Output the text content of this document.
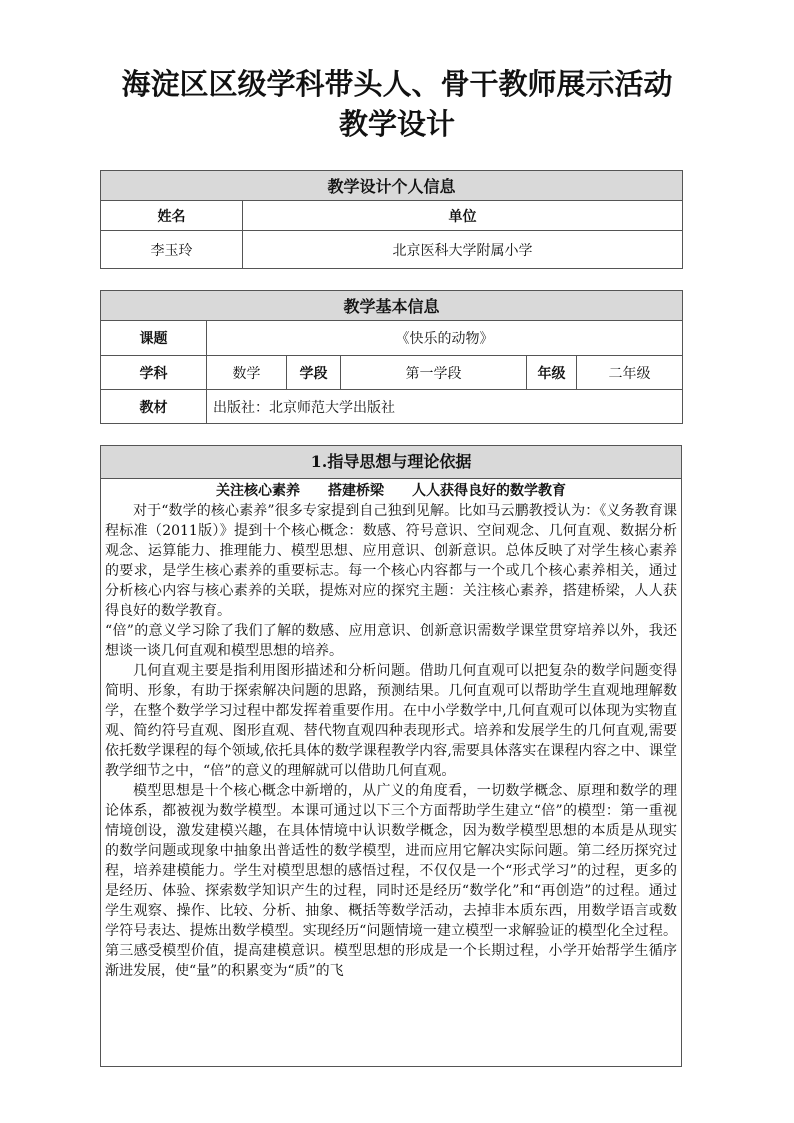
海淀区区级学科带头人、骨干教师展示活动
教学设计
教学设计个人信息	
姓名	单位
李玉玲	北京医科大学附属小学
教学基本信息					
课题	《快乐的动物》				
学科	数学	学段	第一学段	年级	二年级
教材	出版社：北京师范大学出版社				
1.指导思想与理论依据
关注核心素养　　搭建桥梁　　人人获得良好的数学教育

对于“数学的核心素养”很多专家提到自己独到见解。比如马云鹏教授认为：《义务教育课程标准（2011版）》提到十个核心概念：数感、符号意识、空间观念、几何直观、数据分析观念、运算能力、推理能力、模型思想、应用意识、创新意识。总体反映了对学生核心素养的要求，是学生核心素养的重要标志。每一个核心内容都与一个或几个核心素养相关，通过分析核心内容与核心素养的关联，提炼对应的探究主题：关注核心素养，搭建桥梁，人人获得良好的数学教育。

“倍”的意义学习除了我们了解的数感、应用意识、创新意识需数学课堂贯穿培养以外，我还想谈一谈几何直观和模型思想的培养。

几何直观主要是指利用图形描述和分析问题。借助几何直观可以把复杂的数学问题变得简明、形象，有助于探索解决问题的思路，预测结果。几何直观可以帮助学生直观地理解数学，在整个数学学习过程中都发挥着重要作用。在中小学数学中,几何直观可以体现为实物直观、简约符号直观、图形直观、替代物直观四种表现形式。培养和发展学生的几何直观,需要依托数学课程的每个领域,依托具体的数学课程教学内容,需要具体落实在课程内容之中、课堂教学细节之中，“倍”的意义的理解就可以借助几何直观。

模型思想是十个核心概念中新增的，从广义的角度看，一切数学概念、原理和数学的理论体系，都被视为数学模型。本课可通过以下三个方面帮助学生建立“倍”的模型：第一重视情境创设，激发建模兴趣，在具体情境中认识数学概念，因为数学模型思想的本质是从现实的数学问题或现象中抽象出普适性的数学模型，进而应用它解决实际问题。第二经历探究过程，培养建模能力。学生对模型思想的感悟过程，不仅仅是一个“形式学习”的过程，更多的是经历、体验、探索数学知识产生的过程，同时还是经历“数学化”和“再创造”的过程。通过学生观察、操作、比较、分析、抽象、概括等数学活动，去掉非本质东西，用数学语言或数学符号表达、提炼出数学模型。实现经历“问题情境一建立模型一求解验证的模型化全过程。第三感受模型价值，提高建模意识。模型思想的形成是一个长期过程，小学开始帮学生循序渐进发展，使“量”的积累变为“质”的飞
